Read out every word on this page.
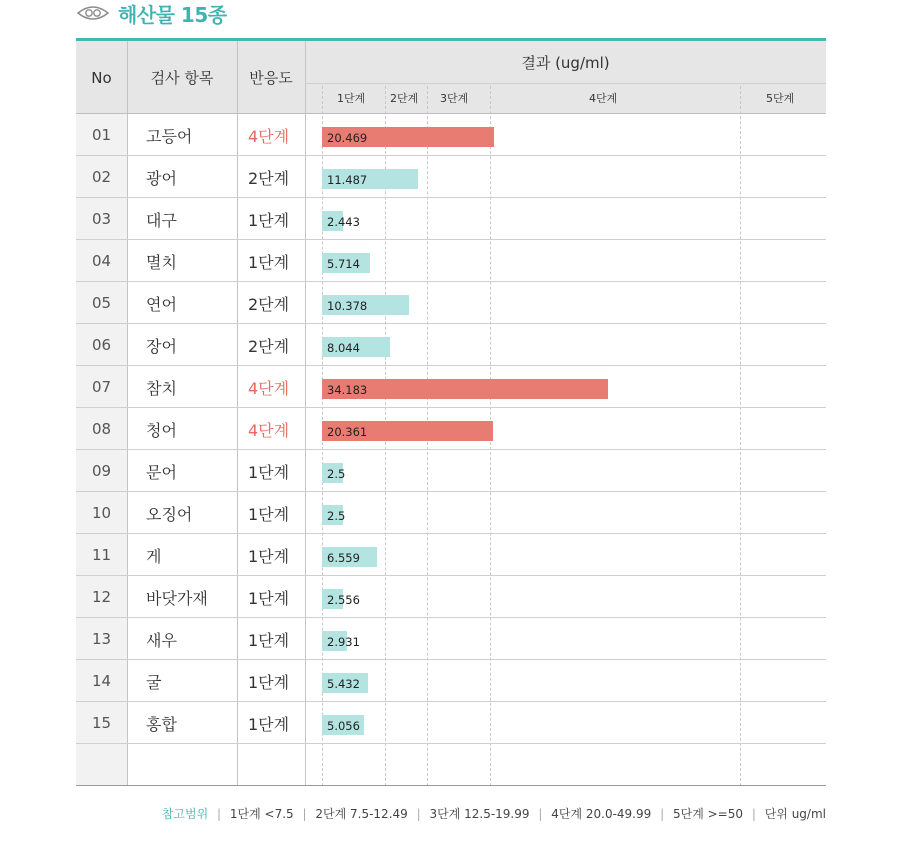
해산물 15종
No	검사 항목	반응도
결과 (ug/ml)
1단계 2단계 3단계	4단계	5단계
01	고등어	4단계	20.469
02	광어	2단계	11.487
03	대구	1단계	2.443
04	멸치	1단계	5.714
05	연어	2단계	10.378
06	장어	2단계	8.044
07	참치	4단계	34.183
08	청어	4단계	20.361
09	문어	1단계	2.5
10	오징어	1단계	2.5
11	게	1단계	6.559
12	바닷가재	1단계	2.556
13	새우	1단계	2.931
14	굴	1단계	5.432
15	홍합	1단계	5.056
참고범위 | 1단계 <7.5 | 2단계 7.5-12.49 | 3단계 12.5-19.99 | 4단계 20.0-49.99 | 5단계 >=50 | 단위 ug/ml
